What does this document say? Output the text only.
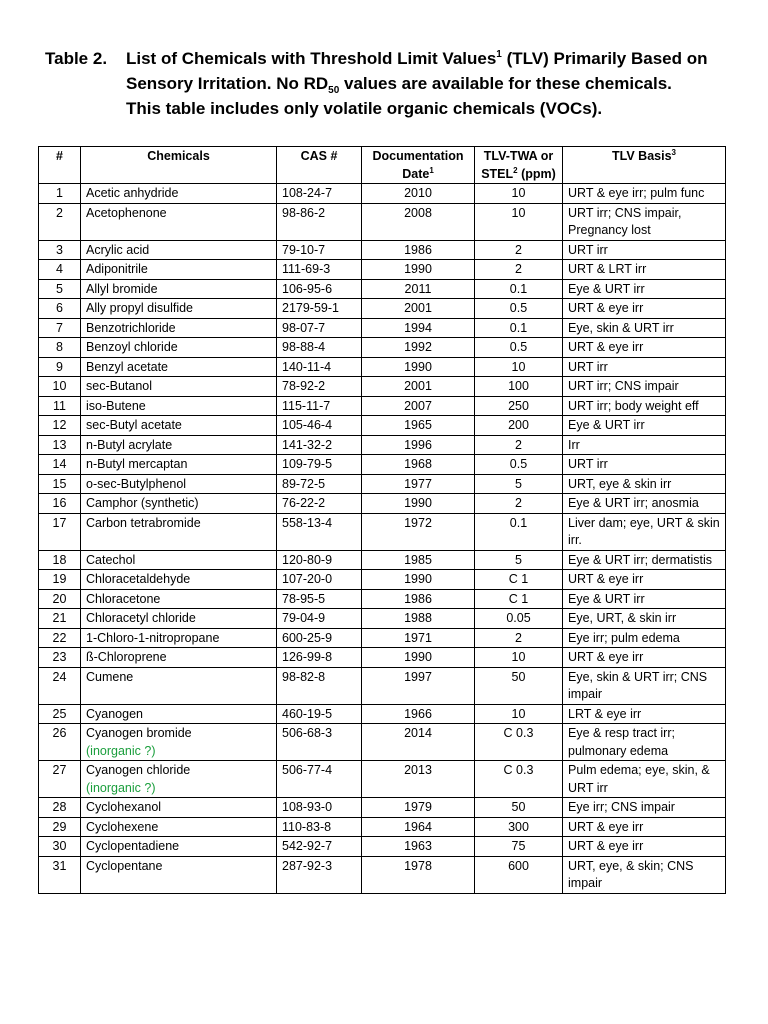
Table 2.	List of Chemicals with Threshold Limit Values$^1$ (TLV) Primarily Based on
Sensory Irritation. No $RD_{50}$ values are available for these chemicals.
This table includes only volatile organic chemicals (VOCs).
#	Chemicals	CAS #	Documentation Date$^1$	TLV-TWA or STEL$^2$ (ppm)	TLV Basis$^3$
1	Acetic anhydride	108-24-7	2010	10	URT & eye irr; pulm func
2	Acetophenone	98-86-2	2008	10	URT irr; CNS impair, Pregnancy lost
3	Acrylic acid	79-10-7	1986	2	URT irr
4	Adiponitrile	111-69-3	1990	2	URT & LRT irr
5	Allyl bromide	106-95-6	2011	0.1	Eye & URT irr
6	Ally propyl disulfide	2179-59-1	2001	0.5	URT & eye irr
7	Benzotrichloride	98-07-7	1994	0.1	Eye, skin & URT irr
8	Benzoyl chloride	98-88-4	1992	0.5	URT & eye irr
9	Benzyl acetate	140-11-4	1990	10	URT irr
10	sec-Butanol	78-92-2	2001	100	URT irr; CNS impair
11	iso-Butene	115-11-7	2007	250	URT irr; body weight eff
12	sec-Butyl acetate	105-46-4	1965	200	Eye & URT irr
13	n-Butyl acrylate	141-32-2	1996	2	Irr
14	n-Butyl mercaptan	109-79-5	1968	0.5	URT irr
15	o-sec-Butylphenol	89-72-5	1977	5	URT, eye & skin irr
16	Camphor (synthetic)	76-22-2	1990	2	Eye & URT irr; anosmia
17	Carbon tetrabromide	558-13-4	1972	0.1	Liver dam; eye, URT & skin irr.
18	Catechol	120-80-9	1985	5	Eye & URT irr; dermatistis
19	Chloracetaldehyde	107-20-0	1990	C 1	URT & eye irr
20	Chloracetone	78-95-5	1986	C 1	Eye & URT irr
21	Chloracetyl chloride	79-04-9	1988	0.05	Eye, URT, & skin irr
22	1-Chloro-1-nitropropane	600-25-9	1971	2	Eye irr; pulm edema
23	ß-Chloroprene	126-99-8	1990	10	URT & eye irr
24	Cumene	98-82-8	1997	50	Eye, skin & URT irr; CNS impair
25	Cyanogen	460-19-5	1966	10	LRT & eye irr
26	Cyanogen bromide
(inorganic ?)	506-68-3	2014	C 0.3	Eye & resp tract irr; pulmonary edema
27	Cyanogen chloride
(inorganic ?)	506-77-4	2013	C 0.3	Pulm edema; eye, skin, & URT irr
28	Cyclohexanol	108-93-0	1979	50	Eye irr; CNS impair
29	Cyclohexene	110-83-8	1964	300	URT & eye irr
30	Cyclopentadiene	542-92-7	1963	75	URT & eye irr
31	Cyclopentane	287-92-3	1978	600	URT, eye, & skin; CNS impair
